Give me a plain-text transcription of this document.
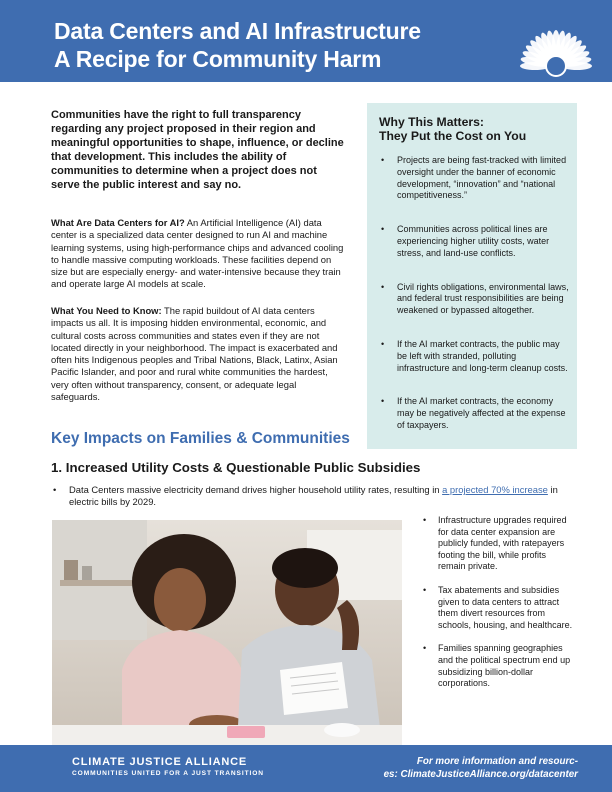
Data Centers and AI Infrastructure
A Recipe for Community Harm
Communities have the right to full transparency regarding any project proposed in their region and meaningful opportunities to shape, influence, or decline that development. This includes the ability of communities to determine when a project does not serve the public interest and say no.
What Are Data Centers for AI? An Artificial Intelligence (AI) data center is a specialized data center designed to run AI and machine learning systems, using high-performance chips and advanced cooling to handle massive computing workloads. These facilities depend on size but are especially energy- and water-intensive because they train and operate large AI models at scale.
What You Need to Know: The rapid buildout of AI data centers impacts us all. It is imposing hidden environmental, economic, and cultural costs across communities and states even if they are not located directly in your neighborhood. The impact is exacerbated and often hits Indigenous peoples and Tribal Nations, Black, Latinx, Asian Pacific Islander, and poor and rural white communities the hardest, very often without transparency, consent, or adequate legal safeguards.
Why This Matters:
They Put the Cost on You
• Projects are being fast-tracked with limited oversight under the banner of economic development, “innovation” and “national competitiveness.”
• Communities across political lines are experiencing higher utility costs, water stress, and land-use conflicts.
• Civil rights obligations, environmental laws, and federal trust responsibilities are being weakened or bypassed altogether.
• If the AI market contracts, the public may be left with stranded, polluting infrastructure and long-term cleanup costs.
• If the AI market contracts, the economy may be negatively affected at the expense of taxpayers.
Key Impacts on Families & Communities
1. Increased Utility Costs & Questionable Public Subsidies
• Data Centers massive electricity demand drives higher household utility rates, resulting in a projected 70% increase in electric bills by 2029.
• Infrastructure upgrades required for data center expansion are publicly funded, with ratepayers footing the bill, while profits remain private.
• Tax abatements and subsidies given to data centers to attract them divert resources from schools, housing, and healthcare.
• Families spanning geographies and the political spectrum end up subsidizing billion-dollar corporations.
CLIMATE JUSTICE ALLIANCE
COMMUNITIES UNITED FOR A JUST TRANSITION
For more information and resourc-
es: ClimateJusticeAlliance.org/datacenter
